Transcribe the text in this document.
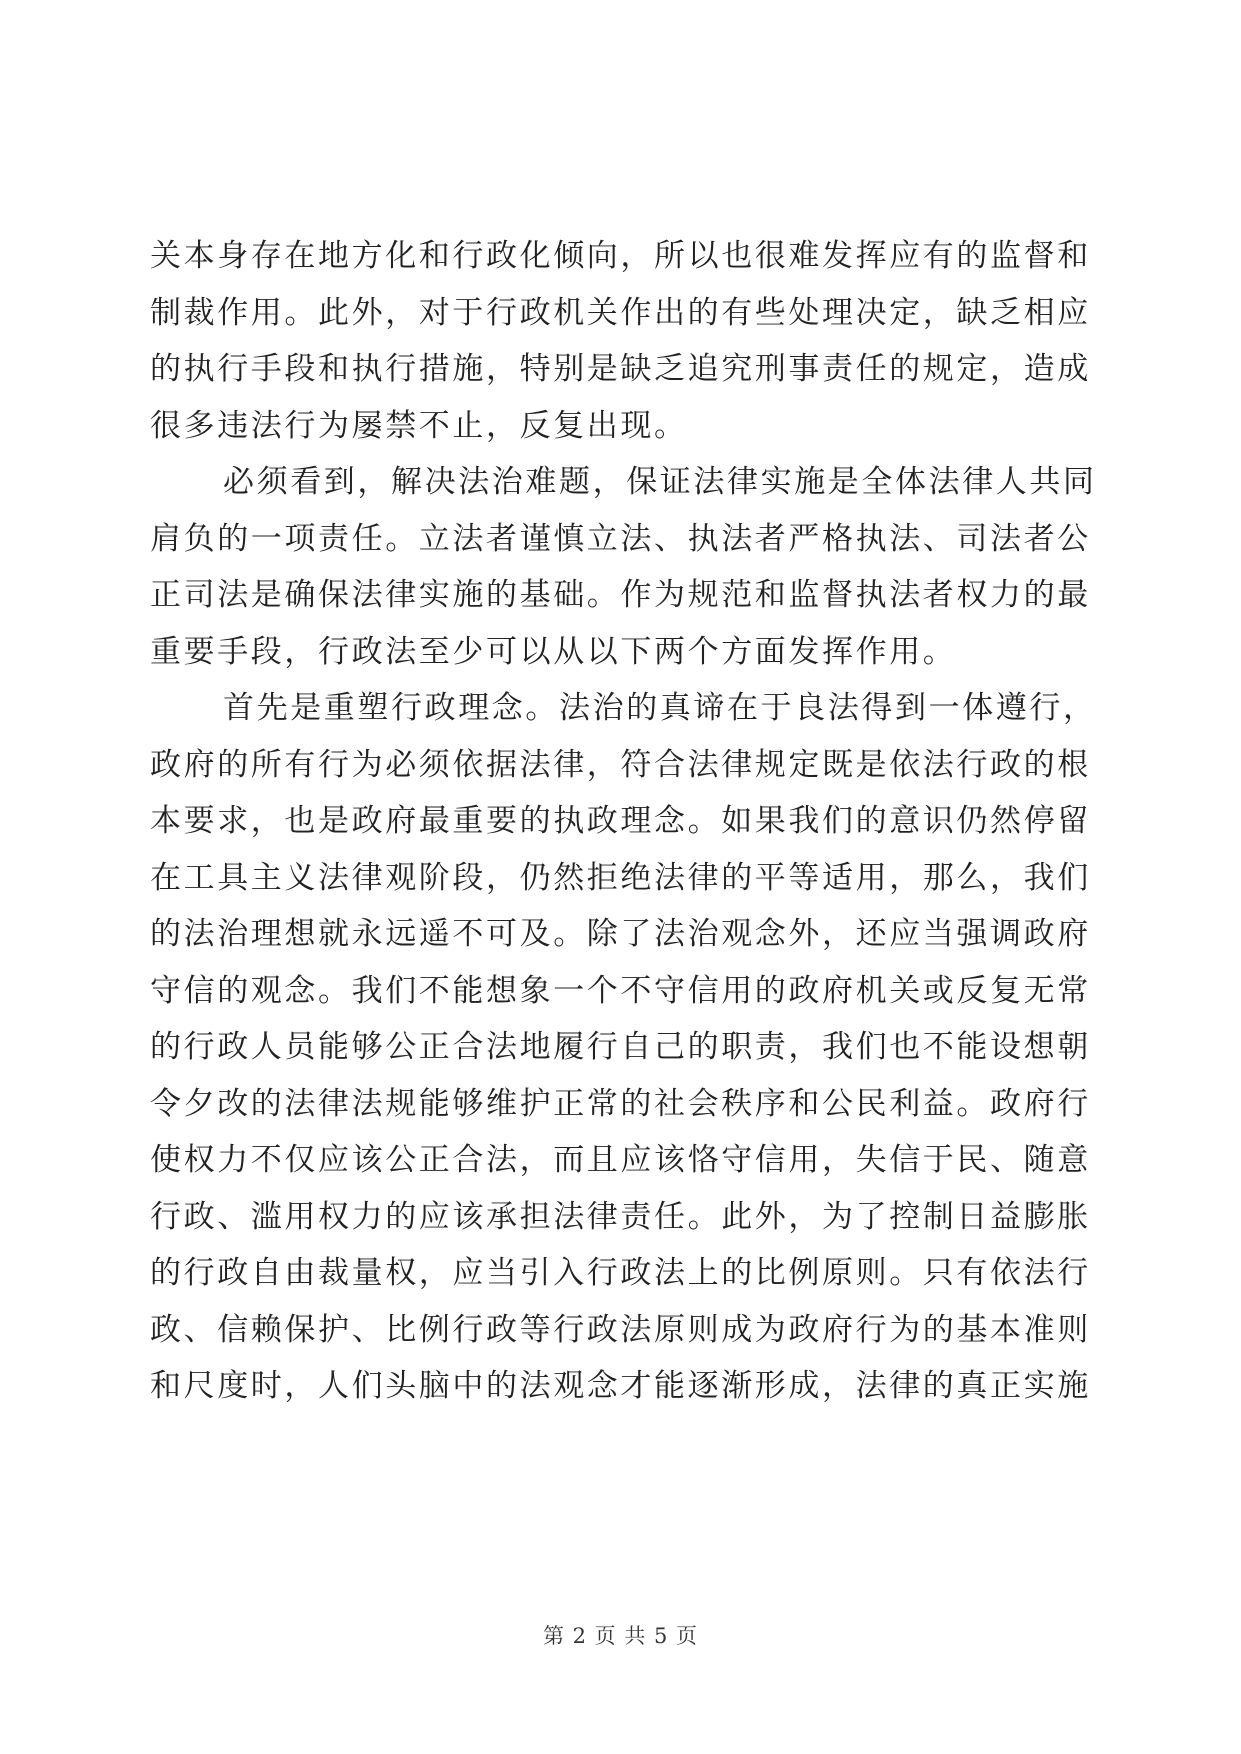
关本身存在地方化和行政化倾向，所以也很难发挥应有的监督和
制裁作用。此外，对于行政机关作出的有些处理决定，缺乏相应
的执行手段和执行措施，特别是缺乏追究刑事责任的规定，造成
很多违法行为屡禁不止，反复出现。
必须看到，解决法治难题，保证法律实施是全体法律人共同
肩负的一项责任。立法者谨慎立法、执法者严格执法、司法者公
正司法是确保法律实施的基础。作为规范和监督执法者权力的最
重要手段，行政法至少可以从以下两个方面发挥作用。
首先是重塑行政理念。法治的真谛在于良法得到一体遵行，
政府的所有行为必须依据法律，符合法律规定既是依法行政的根
本要求，也是政府最重要的执政理念。如果我们的意识仍然停留
在工具主义法律观阶段，仍然拒绝法律的平等适用，那么，我们
的法治理想就永远遥不可及。除了法治观念外，还应当强调政府
守信的观念。我们不能想象一个不守信用的政府机关或反复无常
的行政人员能够公正合法地履行自己的职责，我们也不能设想朝
令夕改的法律法规能够维护正常的社会秩序和公民利益。政府行
使权力不仅应该公正合法，而且应该恪守信用，失信于民、随意
行政、滥用权力的应该承担法律责任。此外，为了控制日益膨胀
的行政自由裁量权，应当引入行政法上的比例原则。只有依法行
政、信赖保护、比例行政等行政法原则成为政府行为的基本准则
和尺度时，人们头脑中的法观念才能逐渐形成，法律的真正实施
第 2 页 共 5 页
